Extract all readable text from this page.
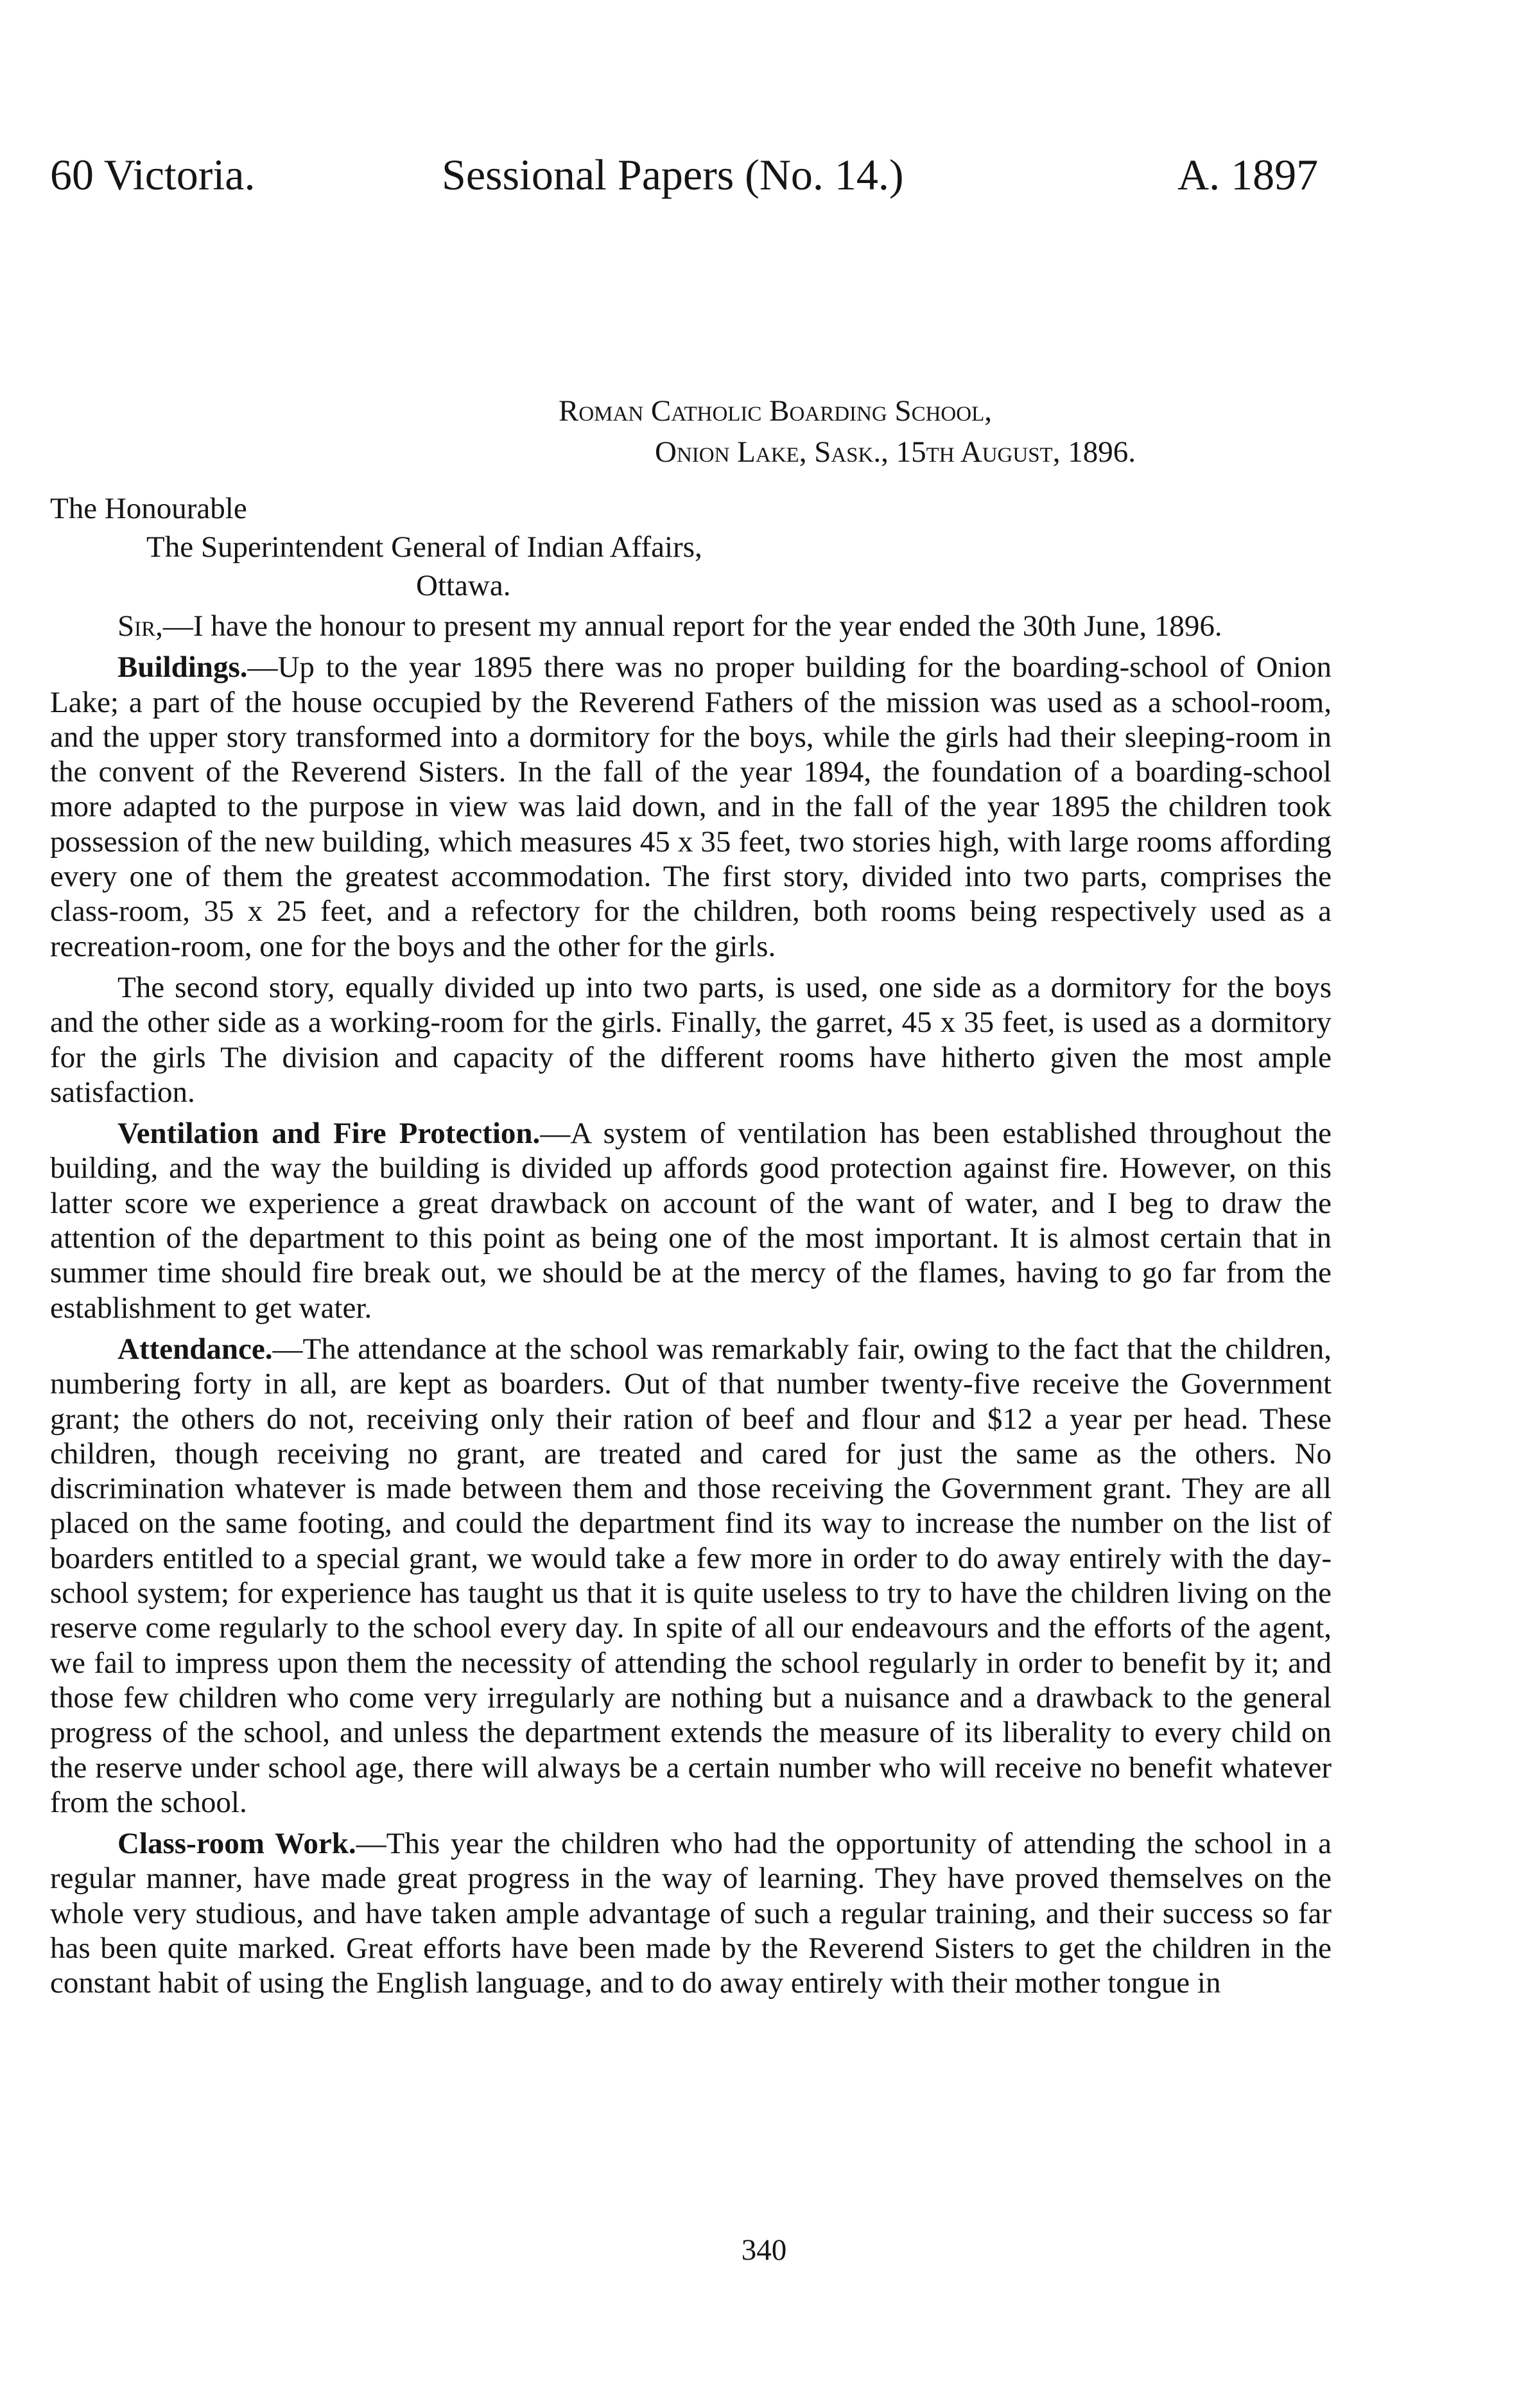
60 Victoria.	Sessional Papers (No. 14.)	A. 1897
Roman Catholic Boarding School,
Onion Lake, Sask., 15th August, 1896.
The Honourable
The Superintendent General of Indian Affairs,
Ottawa.

Sir,—I have the honour to present my annual report for the year ended the 30th June, 1896.

Buildings.—Up to the year 1895 there was no proper building for the boarding-school of Onion Lake; a part of the house occupied by the Reverend Fathers of the mission was used as a school-room, and the upper story transformed into a dormitory for the boys, while the girls had their sleeping-room in the convent of the Reverend Sisters. In the fall of the year 1894, the foundation of a boarding-school more adapted to the purpose in view was laid down, and in the fall of the year 1895 the children took possession of the new building, which measures 45 x 35 feet, two stories high, with large rooms affording every one of them the greatest accommodation. The first story, divided into two parts, comprises the class-room, 35 x 25 feet, and a refectory for the children, both rooms being respectively used as a recreation-room, one for the boys and the other for the girls.

The second story, equally divided up into two parts, is used, one side as a dormitory for the boys and the other side as a working-room for the girls. Finally, the garret, 45 x 35 feet, is used as a dormitory for the girls The division and capacity of the different rooms have hitherto given the most ample satisfaction.

Ventilation and Fire Protection.—A system of ventilation has been established throughout the building, and the way the building is divided up affords good protection against fire. However, on this latter score we experience a great drawback on account of the want of water, and I beg to draw the attention of the department to this point as being one of the most important. It is almost certain that in summer time should fire break out, we should be at the mercy of the flames, having to go far from the establishment to get water.

Attendance.—The attendance at the school was remarkably fair, owing to the fact that the children, numbering forty in all, are kept as boarders. Out of that number twenty-five receive the Government grant; the others do not, receiving only their ration of beef and flour and $12 a year per head. These children, though receiving no grant, are treated and cared for just the same as the others. No discrimination whatever is made between them and those receiving the Government grant. They are all placed on the same footing, and could the department find its way to increase the number on the list of boarders entitled to a special grant, we would take a few more in order to do away entirely with the day-school system; for experience has taught us that it is quite useless to try to have the children living on the reserve come regularly to the school every day. In spite of all our endeavours and the efforts of the agent, we fail to impress upon them the necessity of attending the school regularly in order to benefit by it; and those few children who come very irregularly are nothing but a nuisance and a drawback to the general progress of the school, and unless the department extends the measure of its liberality to every child on the reserve under school age, there will always be a certain number who will receive no benefit whatever from the school.

Class-room Work.—This year the children who had the opportunity of attending the school in a regular manner, have made great progress in the way of learning. They have proved themselves on the whole very studious, and have taken ample advantage of such a regular training, and their success so far has been quite marked. Great efforts have been made by the Reverend Sisters to get the children in the constant habit of using the English language, and to do away entirely with their mother tongue in

340
